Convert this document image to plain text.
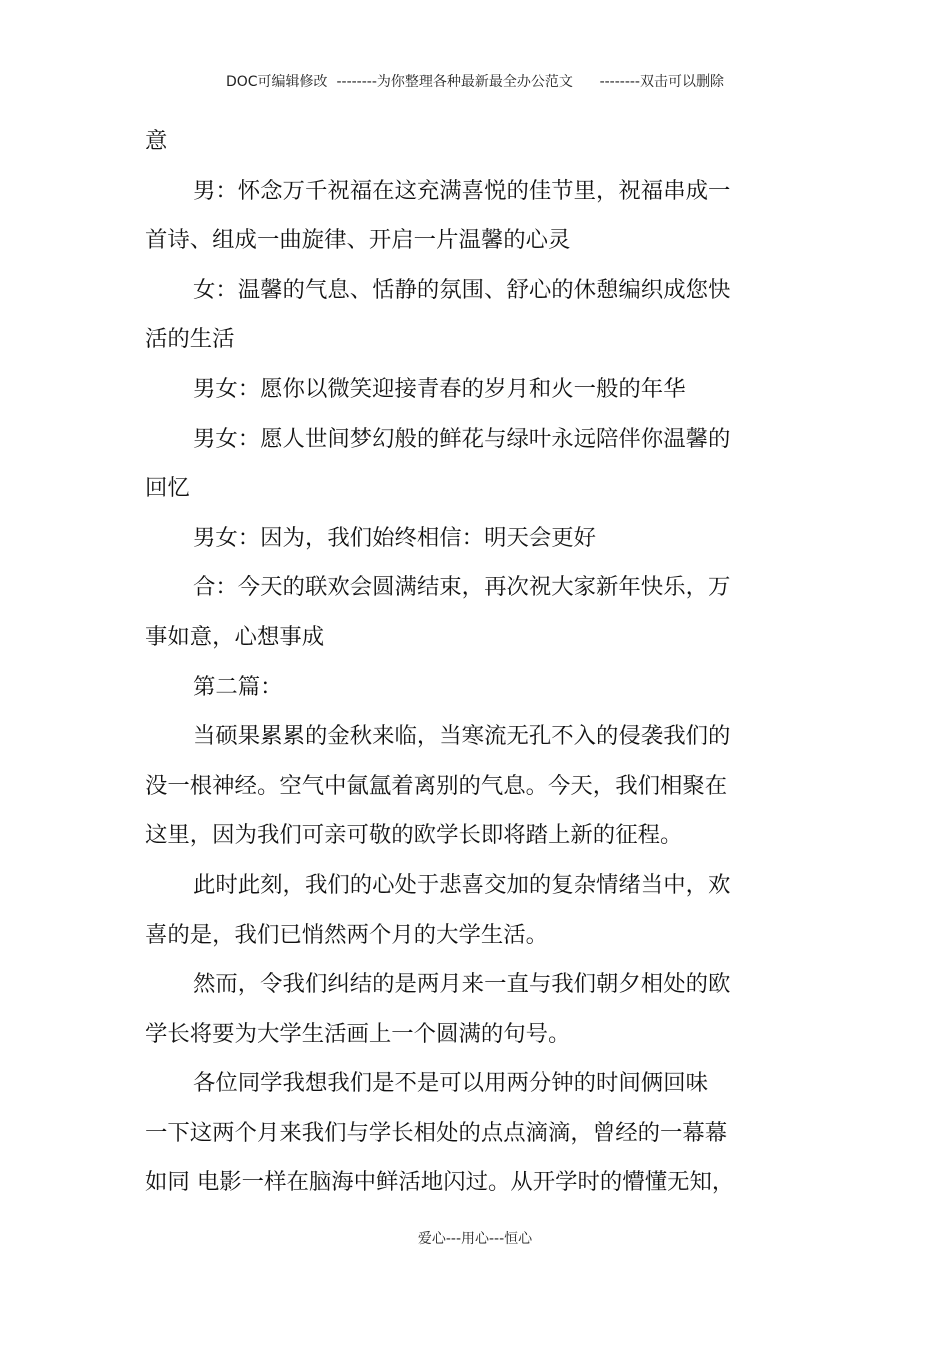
DOC可编辑修改  --------为你整理各种最新最全办公范文      --------双击可以删除
意
男：怀念万千祝福在这充满喜悦的佳节里，祝福串成一
首诗、组成一曲旋律、开启一片温馨的心灵
女：温馨的气息、恬静的氛围、舒心的休憩编织成您快
活的生活
男女：愿你以微笑迎接青春的岁月和火一般的年华
男女：愿人世间梦幻般的鲜花与绿叶永远陪伴你温馨的
回忆
男女：因为，我们始终相信：明天会更好
合：今天的联欢会圆满结束，再次祝大家新年快乐，万
事如意，心想事成
第二篇：
当硕果累累的金秋来临，当寒流无孔不入的侵袭我们的
没一根神经。空气中氤氲着离别的气息。今天，我们相聚在
这里，因为我们可亲可敬的欧学长即将踏上新的征程。
此时此刻，我们的心处于悲喜交加的复杂情绪当中，欢
喜的是，我们已悄然两个月的大学生活。
然而，令我们纠结的是两月来一直与我们朝夕相处的欧
学长将要为大学生活画上一个圆满的句号。
各位同学我想我们是不是可以用两分钟的时间俩回味
一下这两个月来我们与学长相处的点点滴滴，曾经的一幕幕
如同 电影一样在脑海中鲜活地闪过。从开学时的懵懂无知，
爱心---用心---恒心
